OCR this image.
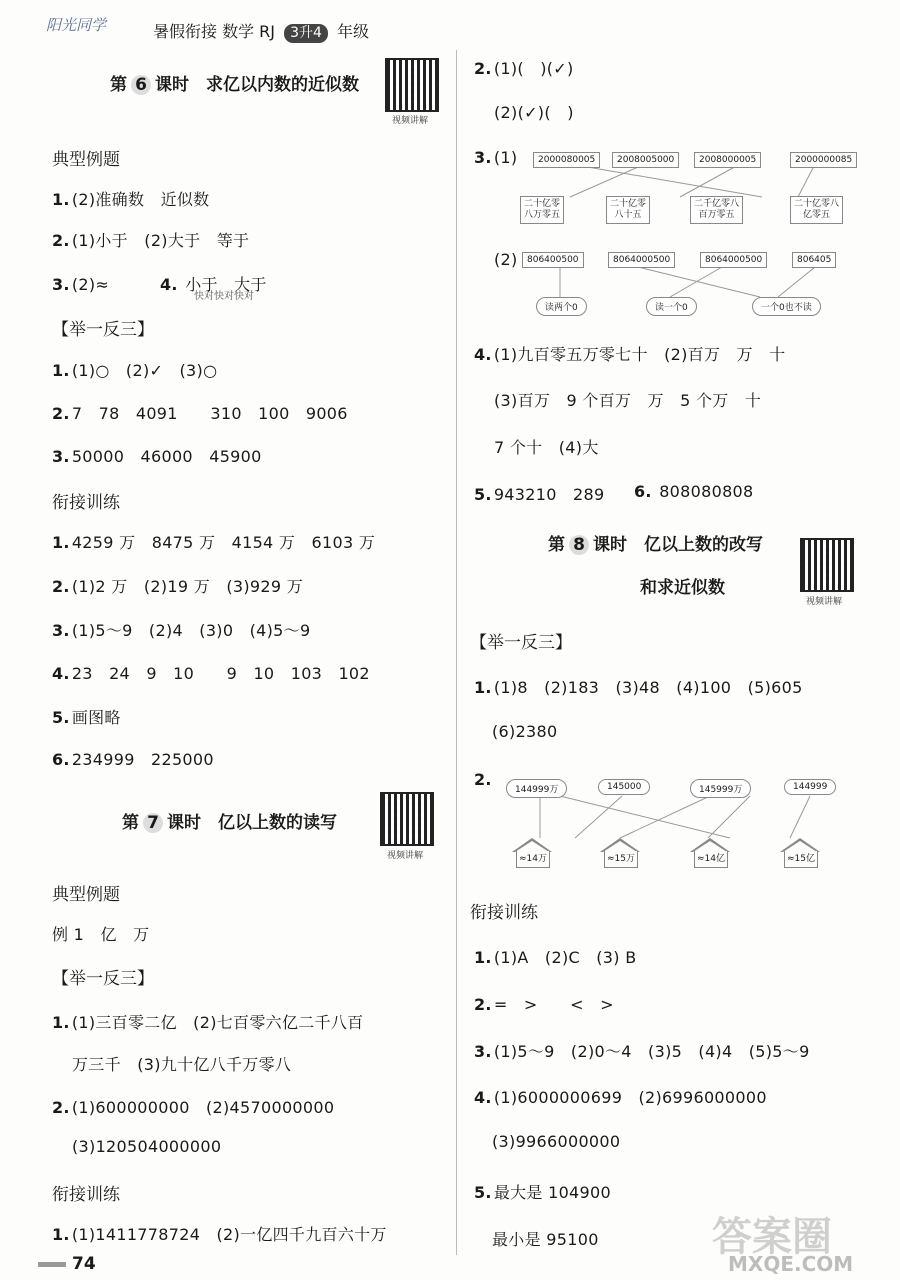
阳光同学	暑假衔接 数学 RJ 3升4 年级
第 6 课时　 求亿以内数的近似数
视频讲解
典型例题
1. (2)准确数　近似数
2. (1)小于　(2)大于　等于
3. (2)≈　　 4. 小于　大于
快对快对快对
【举一反三】
1. (1)○　(2)✓　(3)○
2. 7　78　4091　　310　100　9006
3. 50000　46000　45900
衔接训练
1. 4259 万　8475 万　4154 万　6103 万
2. (1)2 万　(2)19 万　(3)929 万
3. (1)5～9　(2)4　(3)0　(4)5～9
4. 23　24　9　10　　9　10　103　102
5. 画图略
6. 234999　225000
第 7 课时　 亿以上数的读写
视频讲解
典型例题
例 1　亿　万
【举一反三】
1. (1)三百零二亿　(2)七百零六亿二千八百
万三千　(3)九十亿八千万零八
2. (1)600000000　(2)4570000000
(3)120504000000
衔接训练
1. (1)1411778724　(2)一亿四千九百六十万
2. (1)(　)(✓)
(2)(✓)(　)
3. (1)	2000080005	2008005000	2008000005	2000000085
二十亿零
八万零五
二十亿零
八十五
二千亿零八
百万零五
二十亿零八
亿零五
(2)	806400500	8064000500	8064000500	806405
读两个0	读一个0	一个0也不读
4. (1)九百零五万零七十　(2)百万　万　十
(3)百万　9 个百万　万　5 个万　十
7 个十　(4)大
5. 943210　289 6. 808080808
第 8 课时　 亿以上数的改写
和求近似数
视频讲解
【举一反三】
1. (1)8　(2)183　(3)48　(4)100　(5)605
(6)2380
2.
144999万	145000	145999万	144999
≈14万	≈15万	≈14亿	≈15亿
衔接训练
1. (1)A　(2)C　(3) B
2. =　>　　<　>
3. (1)5～9　(2)0～4　(3)5　(4)4　(5)5～9
4. (1)6000000699　(2)6996000000
(3)9966000000
5. 最大是 104900
最小是 95100
74
答案圈
MXQE.COM
